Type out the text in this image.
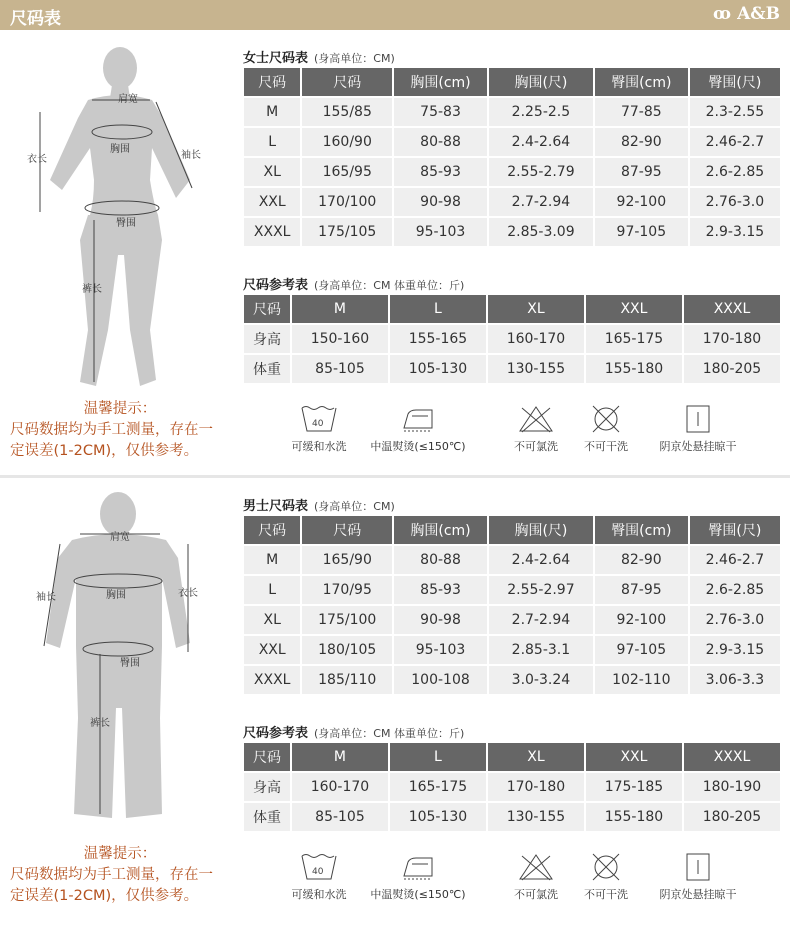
尺码表	ꝏ A&B
肩宽
胸围
衣长	袖长
臀围
裤长
温馨提示：
尺码数据均为手工测量，存在一
定误差(1-2CM)，仅供参考。
女士尺码表 (身高单位：CM)
尺码	尺码	胸围(cm)	胸围(尺)	臀围(cm)	臀围(尺)
M	155/85	75-83	2.25-2.5	77-85	2.3-2.55
L	160/90	80-88	2.4-2.64	82-90	2.46-2.7
XL	165/95	85-93	2.55-2.79	87-95	2.6-2.85
XXL	170/100	90-98	2.7-2.94	92-100	2.76-3.0
XXXL	175/105	95-103	2.85-3.09	97-105	2.9-3.15
尺码参考表 (身高单位：CM 体重单位：斤)
尺码	M	L	XL	XXL	XXXL
身高	150-160	155-165	160-170	165-175	170-180
体重	85-105	105-130	130-155	155-180	180-205
40
可缓和水洗	中温熨烫(≤150℃)	不可氯洗	不可干洗	阴京处悬挂晾干
肩宽
胸围	衣长
袖长
臀围
裤长
温馨提示：
尺码数据均为手工测量，存在一
定误差(1-2CM)，仅供参考。
男士尺码表 (身高单位：CM)
尺码	尺码	胸围(cm)	胸围(尺)	臀围(cm)	臀围(尺)
M	165/90	80-88	2.4-2.64	82-90	2.46-2.7
L	170/95	85-93	2.55-2.97	87-95	2.6-2.85
XL	175/100	90-98	2.7-2.94	92-100	2.76-3.0
XXL	180/105	95-103	2.85-3.1	97-105	2.9-3.15
XXXL	185/110	100-108	3.0-3.24	102-110	3.06-3.3
尺码参考表 (身高单位：CM 体重单位：斤)
尺码	M	L	XL	XXL	XXXL
身高	160-170	165-175	170-180	175-185	180-190
体重	85-105	105-130	130-155	155-180	180-205
40
可缓和水洗	中温熨烫(≤150℃)	不可氯洗	不可干洗	阴京处悬挂晾干
